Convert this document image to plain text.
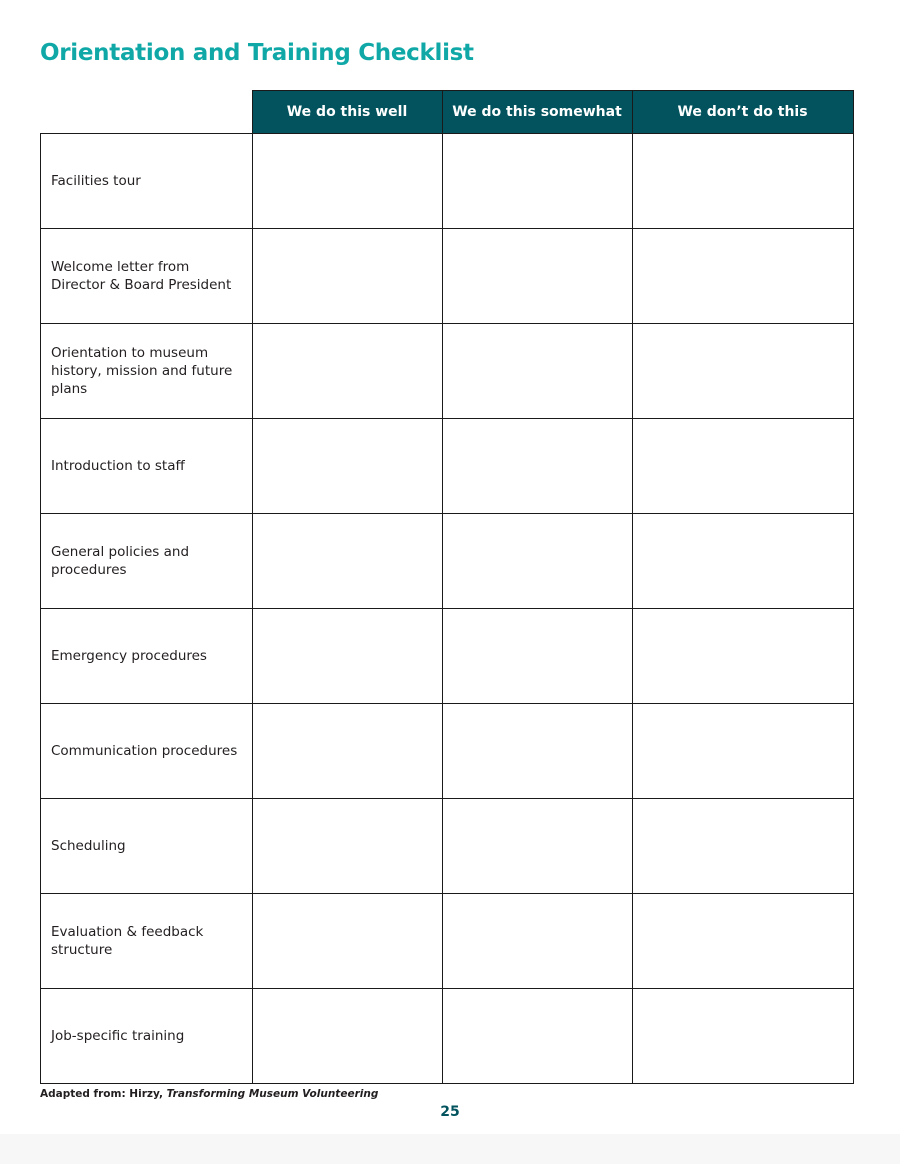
Orientation and Training Checklist
	We do this well	We do this somewhat	We don’t do this
Facilities tour			
Welcome letter from Director & Board President			
Orientation to museum history, mission and future plans			
Introduction to staff			
General policies and procedures			
Emergency procedures			
Communication procedures			
Scheduling			
Evaluation & feedback structure			
Job-specific training			
Adapted from: Hirzy, Transforming Museum Volunteering
25
